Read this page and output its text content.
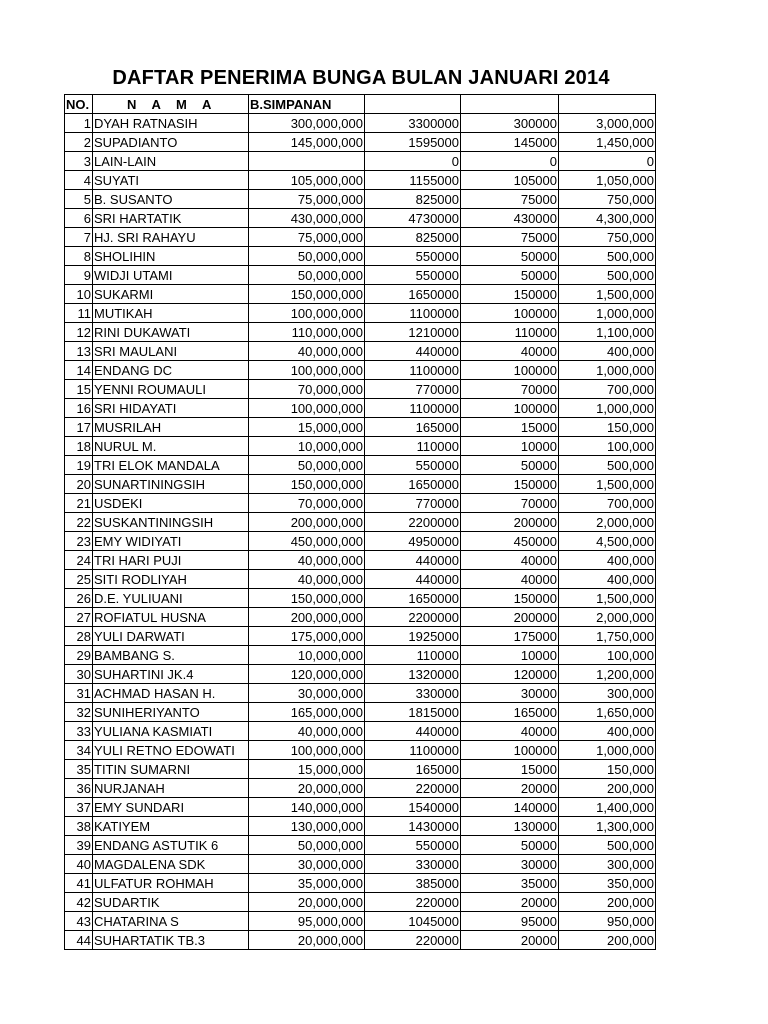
DAFTAR PENERIMA BUNGA BULAN JANUARI 2014
NO.	N A M A	B.SIMPANAN			
1	DYAH RATNASIH	300,000,000	3300000	300000	3,000,000
2	SUPADIANTO	145,000,000	1595000	145000	1,450,000
3	LAIN-LAIN		0	0	0
4	SUYATI	105,000,000	1155000	105000	1,050,000
5	B. SUSANTO	75,000,000	825000	75000	750,000
6	SRI HARTATIK	430,000,000	4730000	430000	4,300,000
7	HJ. SRI RAHAYU	75,000,000	825000	75000	750,000
8	SHOLIHIN	50,000,000	550000	50000	500,000
9	WIDJI UTAMI	50,000,000	550000	50000	500,000
10	SUKARMI	150,000,000	1650000	150000	1,500,000
11	MUTIKAH	100,000,000	1100000	100000	1,000,000
12	RINI DUKAWATI	110,000,000	1210000	110000	1,100,000
13	SRI MAULANI	40,000,000	440000	40000	400,000
14	ENDANG DC	100,000,000	1100000	100000	1,000,000
15	YENNI ROUMAULI	70,000,000	770000	70000	700,000
16	SRI HIDAYATI	100,000,000	1100000	100000	1,000,000
17	MUSRILAH	15,000,000	165000	15000	150,000
18	NURUL M.	10,000,000	110000	10000	100,000
19	TRI ELOK MANDALA	50,000,000	550000	50000	500,000
20	SUNARTININGSIH	150,000,000	1650000	150000	1,500,000
21	USDEKI	70,000,000	770000	70000	700,000
22	SUSKANTININGSIH	200,000,000	2200000	200000	2,000,000
23	EMY WIDIYATI	450,000,000	4950000	450000	4,500,000
24	TRI HARI PUJI	40,000,000	440000	40000	400,000
25	SITI RODLIYAH	40,000,000	440000	40000	400,000
26	D.E. YULIUANI	150,000,000	1650000	150000	1,500,000
27	ROFIATUL HUSNA	200,000,000	2200000	200000	2,000,000
28	YULI DARWATI	175,000,000	1925000	175000	1,750,000
29	BAMBANG S.	10,000,000	110000	10000	100,000
30	SUHARTINI JK.4	120,000,000	1320000	120000	1,200,000
31	ACHMAD HASAN H.	30,000,000	330000	30000	300,000
32	SUNIHERIYANTO	165,000,000	1815000	165000	1,650,000
33	YULIANA KASMIATI	40,000,000	440000	40000	400,000
34	YULI RETNO EDOWATI	100,000,000	1100000	100000	1,000,000
35	TITIN SUMARNI	15,000,000	165000	15000	150,000
36	NURJANAH	20,000,000	220000	20000	200,000
37	EMY SUNDARI	140,000,000	1540000	140000	1,400,000
38	KATIYEM	130,000,000	1430000	130000	1,300,000
39	ENDANG ASTUTIK 6	50,000,000	550000	50000	500,000
40	MAGDALENA SDK	30,000,000	330000	30000	300,000
41	ULFATUR ROHMAH	35,000,000	385000	35000	350,000
42	SUDARTIK	20,000,000	220000	20000	200,000
43	CHATARINA S	95,000,000	1045000	95000	950,000
44	SUHARTATIK TB.3	20,000,000	220000	20000	200,000
